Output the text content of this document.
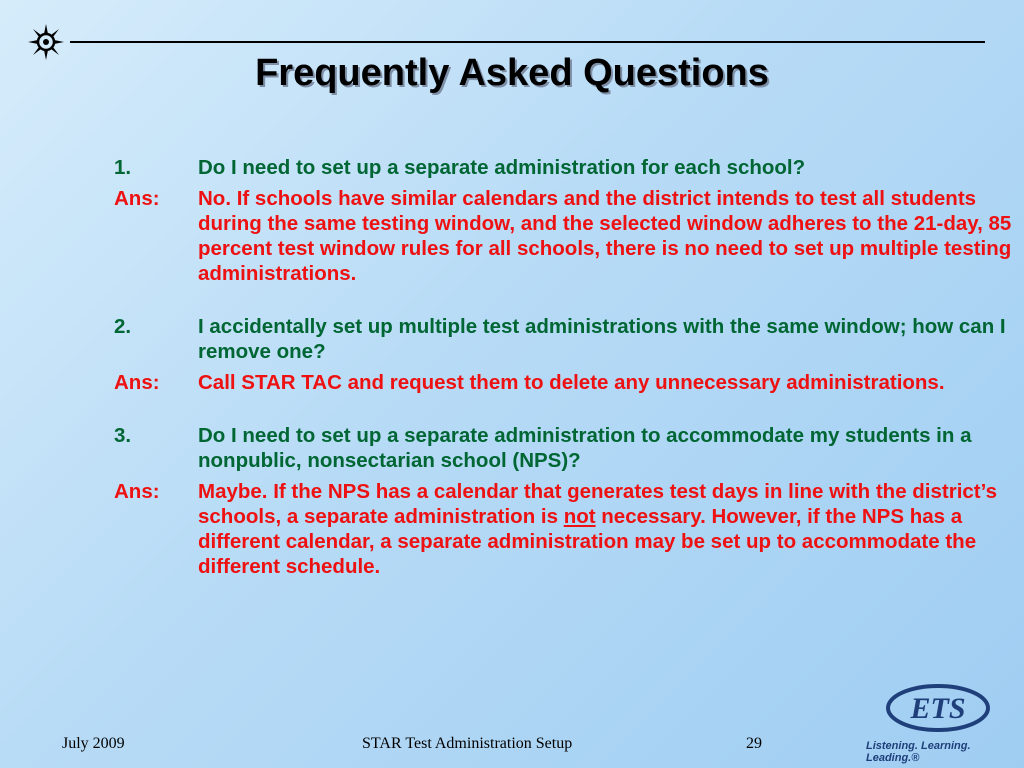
Frequently Asked Questions
1.	Do I need to set up a separate administration for each school?
Ans:	No. If schools have similar calendars and the district intends to test all students during the same testing window, and the selected window adheres to the 21-day, 85 percent test window rules for all schools, there is no need to set up multiple testing administrations.
2.	I accidentally set up multiple test administrations with the same window; how can I remove one?
Ans:	Call STAR TAC and request them to delete any unnecessary administrations.
3.	Do I need to set up a separate administration to accommodate my students in a nonpublic, nonsectarian school (NPS)?
Ans:	Maybe. If the NPS has a calendar that generates test days in line with the district’s schools, a separate administration is not necessary. However, if the NPS has a different calendar, a separate administration may be set up to accommodate the different schedule.
July 2009	STAR Test Administration Setup	29
ETS
Listening. Learning. Leading.®
